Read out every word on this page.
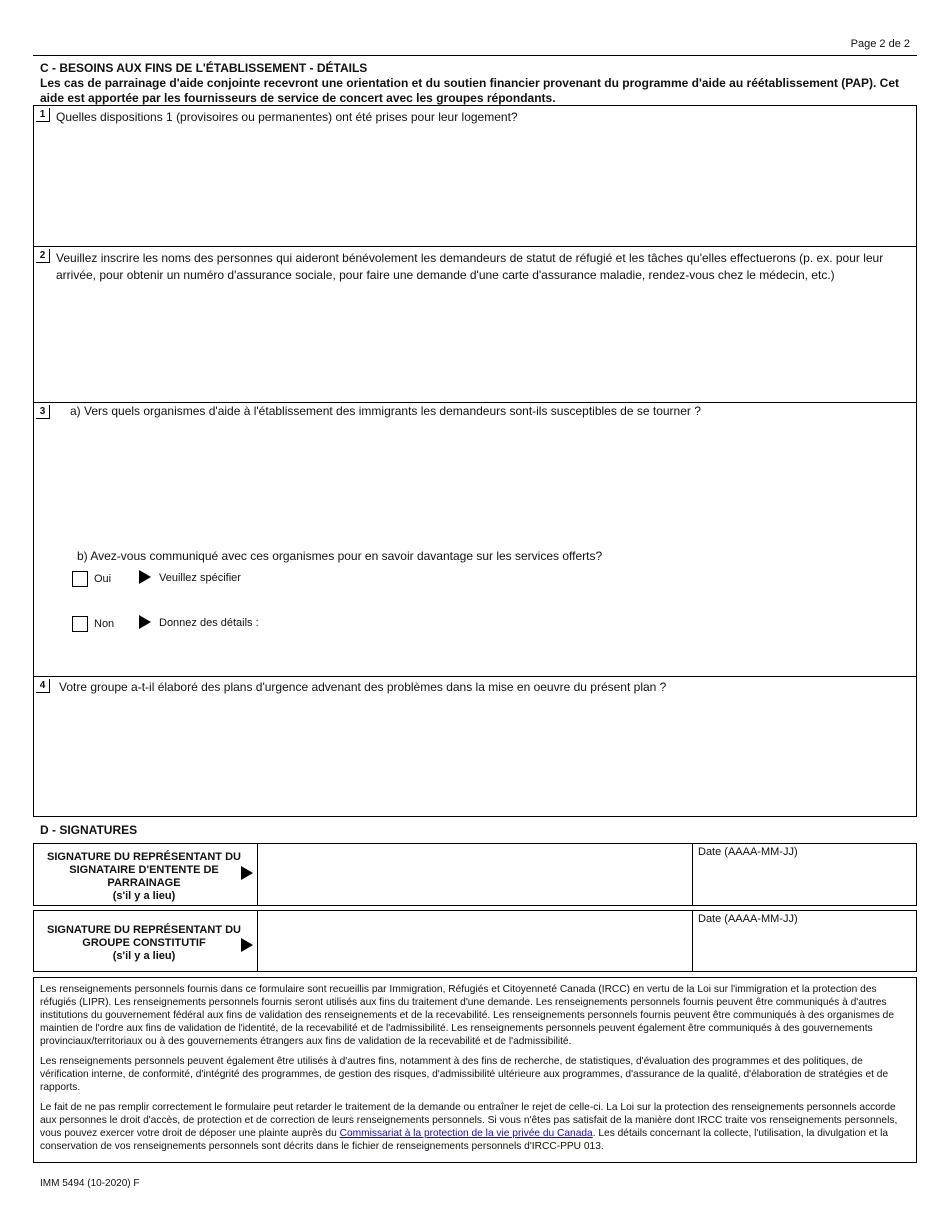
Page 2 de 2
C - BESOINS AUX FINS DE L'ÉTABLISSEMENT - DÉTAILS
Les cas de parrainage d'aide conjointe recevront une orientation et du soutien financier provenant du programme d'aide au réétablissement (PAP). Cet aide est apportée par les fournisseurs de service de concert avec les groupes répondants.
1 Quelles dispositions 1 (provisoires ou permanentes) ont été prises pour leur logement?
2 Veuillez inscrire les noms des personnes qui aideront bénévolement les demandeurs de statut de réfugié et les tâches qu'elles effectuerons (p. ex. pour leur arrivée, pour obtenir un numéro d'assurance sociale, pour faire une demande d'une carte d'assurance maladie, rendez-vous chez le médecin, etc.)
3	a) Vers quels organismes d'aide à l'établissement des immigrants les demandeurs sont-ils susceptibles de se tourner ?
b) Avez-vous communiqué avec ces organismes pour en savoir davantage sur les services offerts?
Oui	Veuillez spécifier
Non	Donnez des détails :
4	Votre groupe a-t-il élaboré des plans d'urgence advenant des problèmes dans la mise en oeuvre du présent plan ?
D - SIGNATURES
SIGNATURE DU REPRÉSENTANT DU
SIGNATAIRE D'ENTENTE DE
PARRAINAGE
(s'il y a lieu)
Date (AAAA-MM-JJ)
SIGNATURE DU REPRÉSENTANT DU
GROUPE CONSTITUTIF
(s'il y a lieu)
Date (AAAA-MM-JJ)

Les renseignements personnels fournis dans ce formulaire sont recueillis par Immigration, Réfugiés et Citoyenneté Canada (IRCC) en vertu de la Loi sur l'immigration et la protection des réfugiés (LIPR). Les renseignements personnels fournis seront utilisés aux fins du traitement d'une demande. Les renseignements personnels fournis peuvent être communiqués à d'autres institutions du gouvernement fédéral aux fins de validation des renseignements et de la recevabilité. Les renseignements personnels fournis peuvent être communiqués à des organismes de maintien de l'ordre aux fins de validation de l'identité, de la recevabilité et de l'admissibilité. Les renseignements personnels peuvent également être communiqués à des gouvernements provinciaux/territoriaux ou à des gouvernements étrangers aux fins de validation de la recevabilité et de l'admissibilité.

Les renseignements personnels peuvent également être utilisés à d'autres fins, notamment à des fins de recherche, de statistiques, d'évaluation des programmes et des politiques, de vérification interne, de conformité, d'intégrité des programmes, de gestion des risques, d'admissibilité ultérieure aux programmes, d'assurance de la qualité, d'élaboration de stratégies et de rapports.

Le fait de ne pas remplir correctement le formulaire peut retarder le traitement de la demande ou entraîner le rejet de celle-ci. La Loi sur la protection des renseignements personnels accorde aux personnes le droit d'accès, de protection et de correction de leurs renseignements personnels. Si vous n'êtes pas satisfait de la manière dont IRCC traite vos renseignements personnels, vous pouvez exercer votre droit de déposer une plainte auprès du Commissariat à la protection de la vie privée du Canada. Les détails concernant la collecte, l'utilisation, la divulgation et la conservation de vos renseignements personnels sont décrits dans le fichier de renseignements personnels d'IRCC-PPU 013.

IMM 5494 (10-2020) F
